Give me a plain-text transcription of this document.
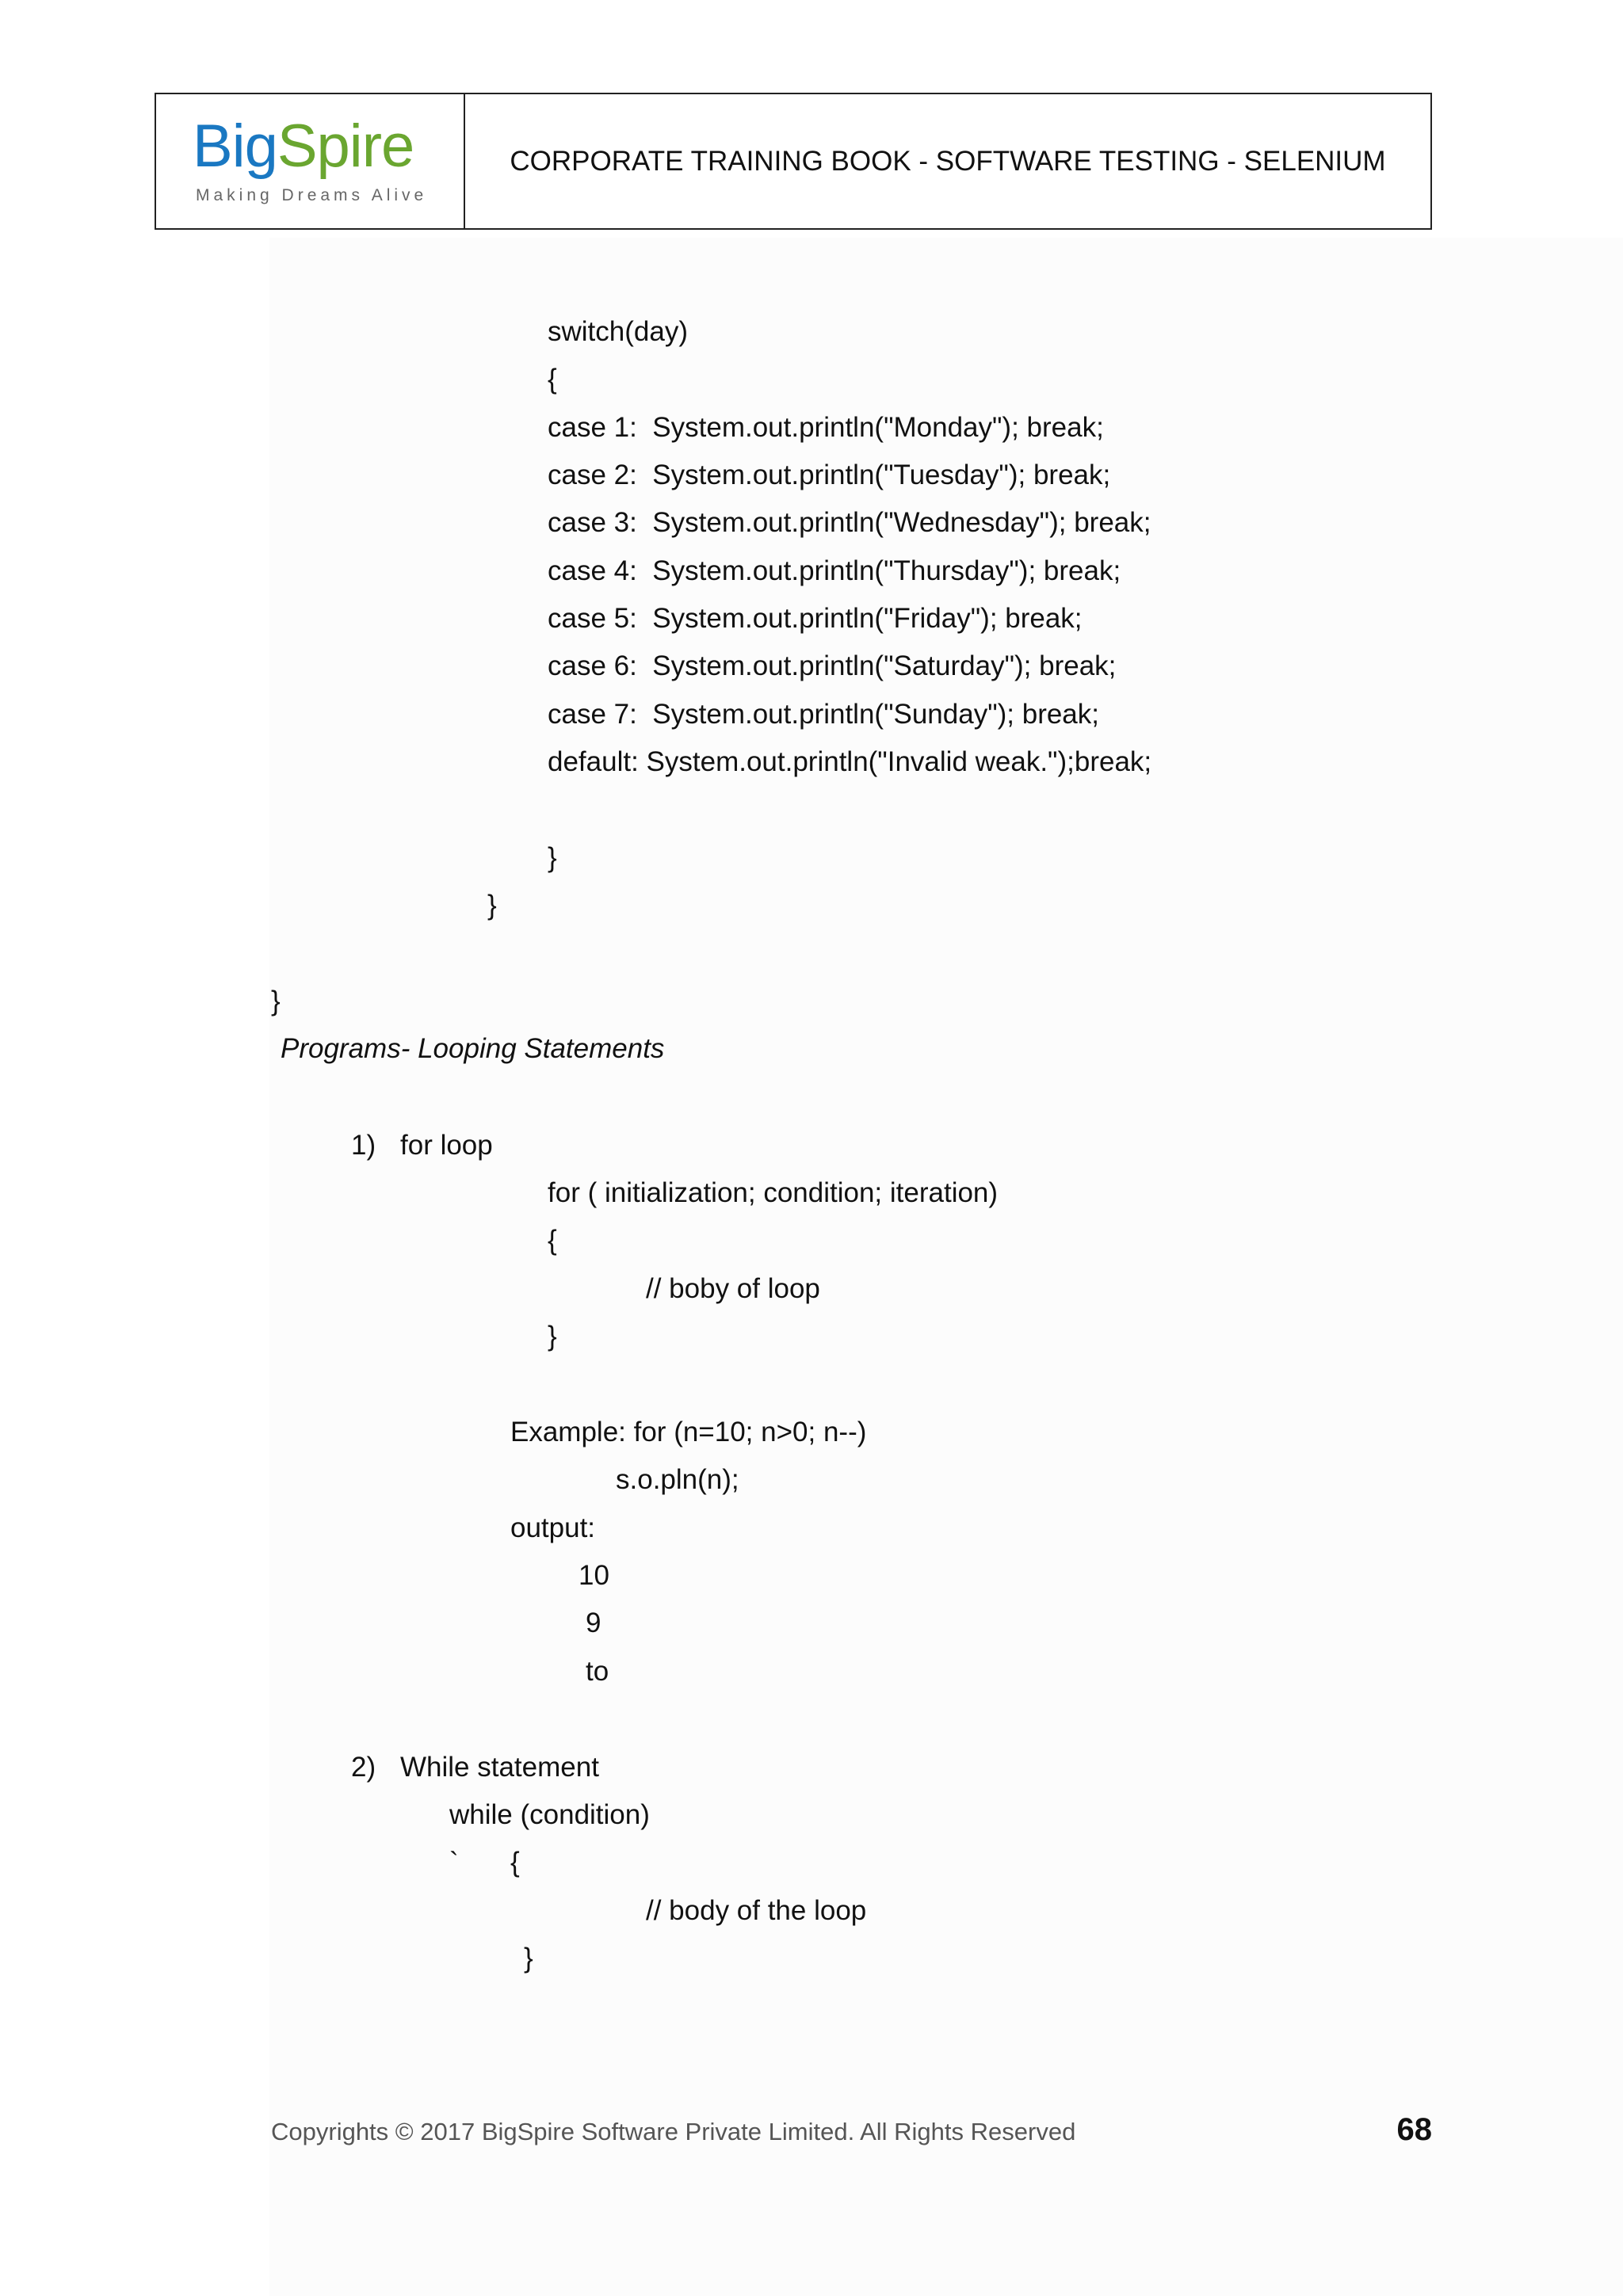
BigSpire
Making Dreams Alive
CORPORATE TRAINING BOOK - SOFTWARE TESTING - SELENIUM
switch(day)
{
case 1:  System.out.println("Monday"); break;
case 2:  System.out.println("Tuesday"); break;
case 3:  System.out.println("Wednesday"); break;
case 4:  System.out.println("Thursday"); break;
case 5:  System.out.println("Friday"); break;
case 6:  System.out.println("Saturday"); break;
case 7:  System.out.println("Sunday"); break;
default: System.out.println("Invalid weak.");break;
}
}
}
Programs- Looping Statements
1) for loop
for ( initialization; condition; iteration)
{
// boby of loop
}
Example: for (n=10; n>0; n--)
s.o.pln(n);
output:
10
9
to
2) While statement
while (condition)
` {
// body of the loop
}
Copyrights © 2017 BigSpire Software Private Limited. All Rights Reserved	68
